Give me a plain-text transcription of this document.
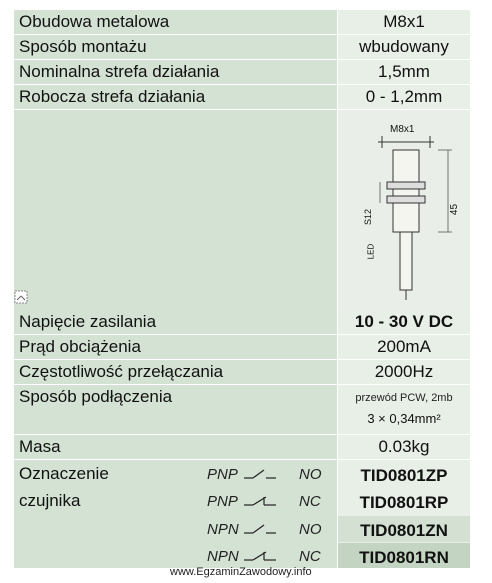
Obudowa metalowa	M8x1
Sposób montażu	wbudowany
Nominalna strefa działania	1,5mm
Robocza strefa działania	0 - 1,2mm
M8x1
S12	45
LED
Napięcie zasilania	10 - 30 V DC
Prąd obciążenia	200mA
Częstotliwość przełączania	2000Hz
Sposób podłączenia	przewód PCW, 2mb
3 × 0,34mm²
Masa	0.03kg
Oznaczenie
czujnika
PNP	NO	TID0801ZP
PNP	NC	TID0801RP
NPN	NO	TID0801ZN
NPN	NC	TID0801RN
www.EgzaminZawodowy.info
